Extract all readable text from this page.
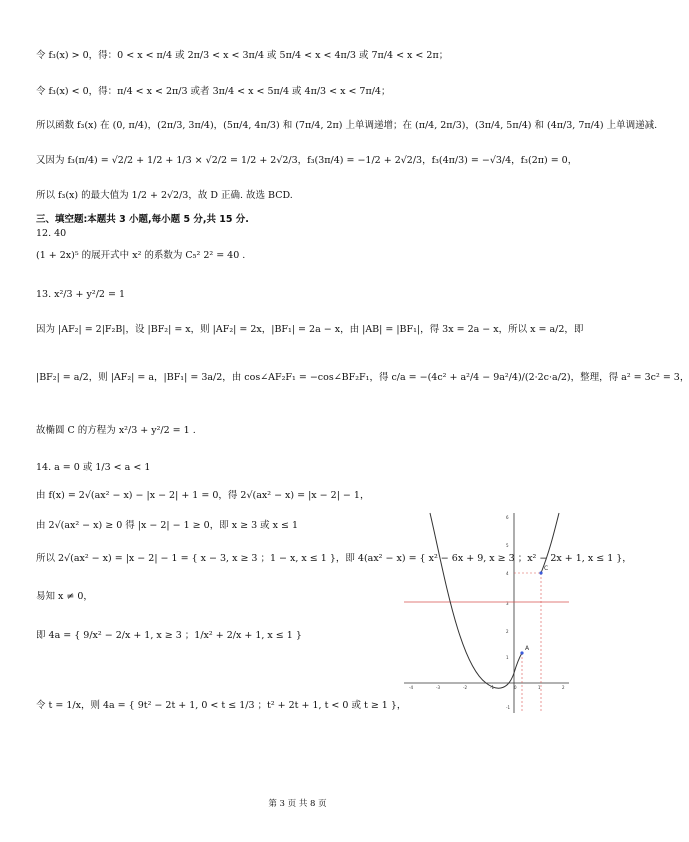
令 f₃(x) > 0，得：0 < x < π/4 或 2π/3 < x < 3π/4 或 5π/4 < x < 4π/3 或 7π/4 < x < 2π；
令 f₃(x) < 0，得：π/4 < x < 2π/3 或者 3π/4 < x < 5π/4 或 4π/3 < x < 7π/4；
所以函数 f₃(x) 在 (0, π/4)，(2π/3, 3π/4)，(5π/4, 4π/3) 和 (7π/4, 2π) 上单调递增；在 (π/4, 2π/3)，(3π/4, 5π/4) 和 (4π/3, 7π/4) 上单调递减.
又因为 f₃(π/4) = √2/2 + 1/2 + 1/3 × √2/2 = 1/2 + 2√2/3，f₃(3π/4) = −1/2 + 2√2/3，f₃(4π/3) = −√3/4，f₃(2π) = 0，
所以 f₃(x) 的最大值为 1/2 + 2√2/3，故 D 正确. 故选 BCD.
三、填空题:本题共 3 小题,每小题 5 分,共 15 分.
12. 40
(1 + 2x)⁵ 的展开式中 x² 的系数为 C₅² 2² = 40 .
13. x²/3 + y²/2 = 1
因为 |AF₂| = 2|F₂B|，设 |BF₂| = x，则 |AF₂| = 2x，|BF₁| = 2a − x，由 |AB| = |BF₁|，得 3x = 2a − x，所以 x = a/2，即
|BF₂| = a/2，则 |AF₂| = a，|BF₁| = 3a/2，由 cos∠AF₂F₁ = −cos∠BF₂F₁，得 c/a = −(4c² + a²/4 − 9a²/4)/(2·2c·a/2)，整理，得 a² = 3c² = 3，
故椭圆 C 的方程为 x²/3 + y²/2 = 1 .
14. a = 0 或 1/3 < a < 1
由 f(x) = 2√(ax² − x) − |x − 2| + 1 = 0，得 2√(ax² − x) = |x − 2| − 1，
由 2√(ax² − x) ≥ 0 得 |x − 2| − 1 ≥ 0，即 x ≥ 3 或 x ≤ 1
所以 2√(ax² − x) = |x − 2| − 1 = { x − 3, x ≥ 3 ；1 − x, x ≤ 1 }，即 4(ax² − x) = { x² − 6x + 9, x ≥ 3 ；x² − 2x + 1, x ≤ 1 }，
易知 x ≠ 0，
即 4a = { 9/x² − 2/x + 1, x ≥ 3 ；1/x² + 2/x + 1, x ≤ 1 }
令 t = 1/x，则 4a = { 9t² − 2t + 1, 0 < t ≤ 1/3 ；t² + 2t + 1, t < 0 或 t ≥ 1 }，
-4	-3	-2	-1	0	1	2
-1
1
2
3
4
5
6
A
C
第 3 页 共 8 页
